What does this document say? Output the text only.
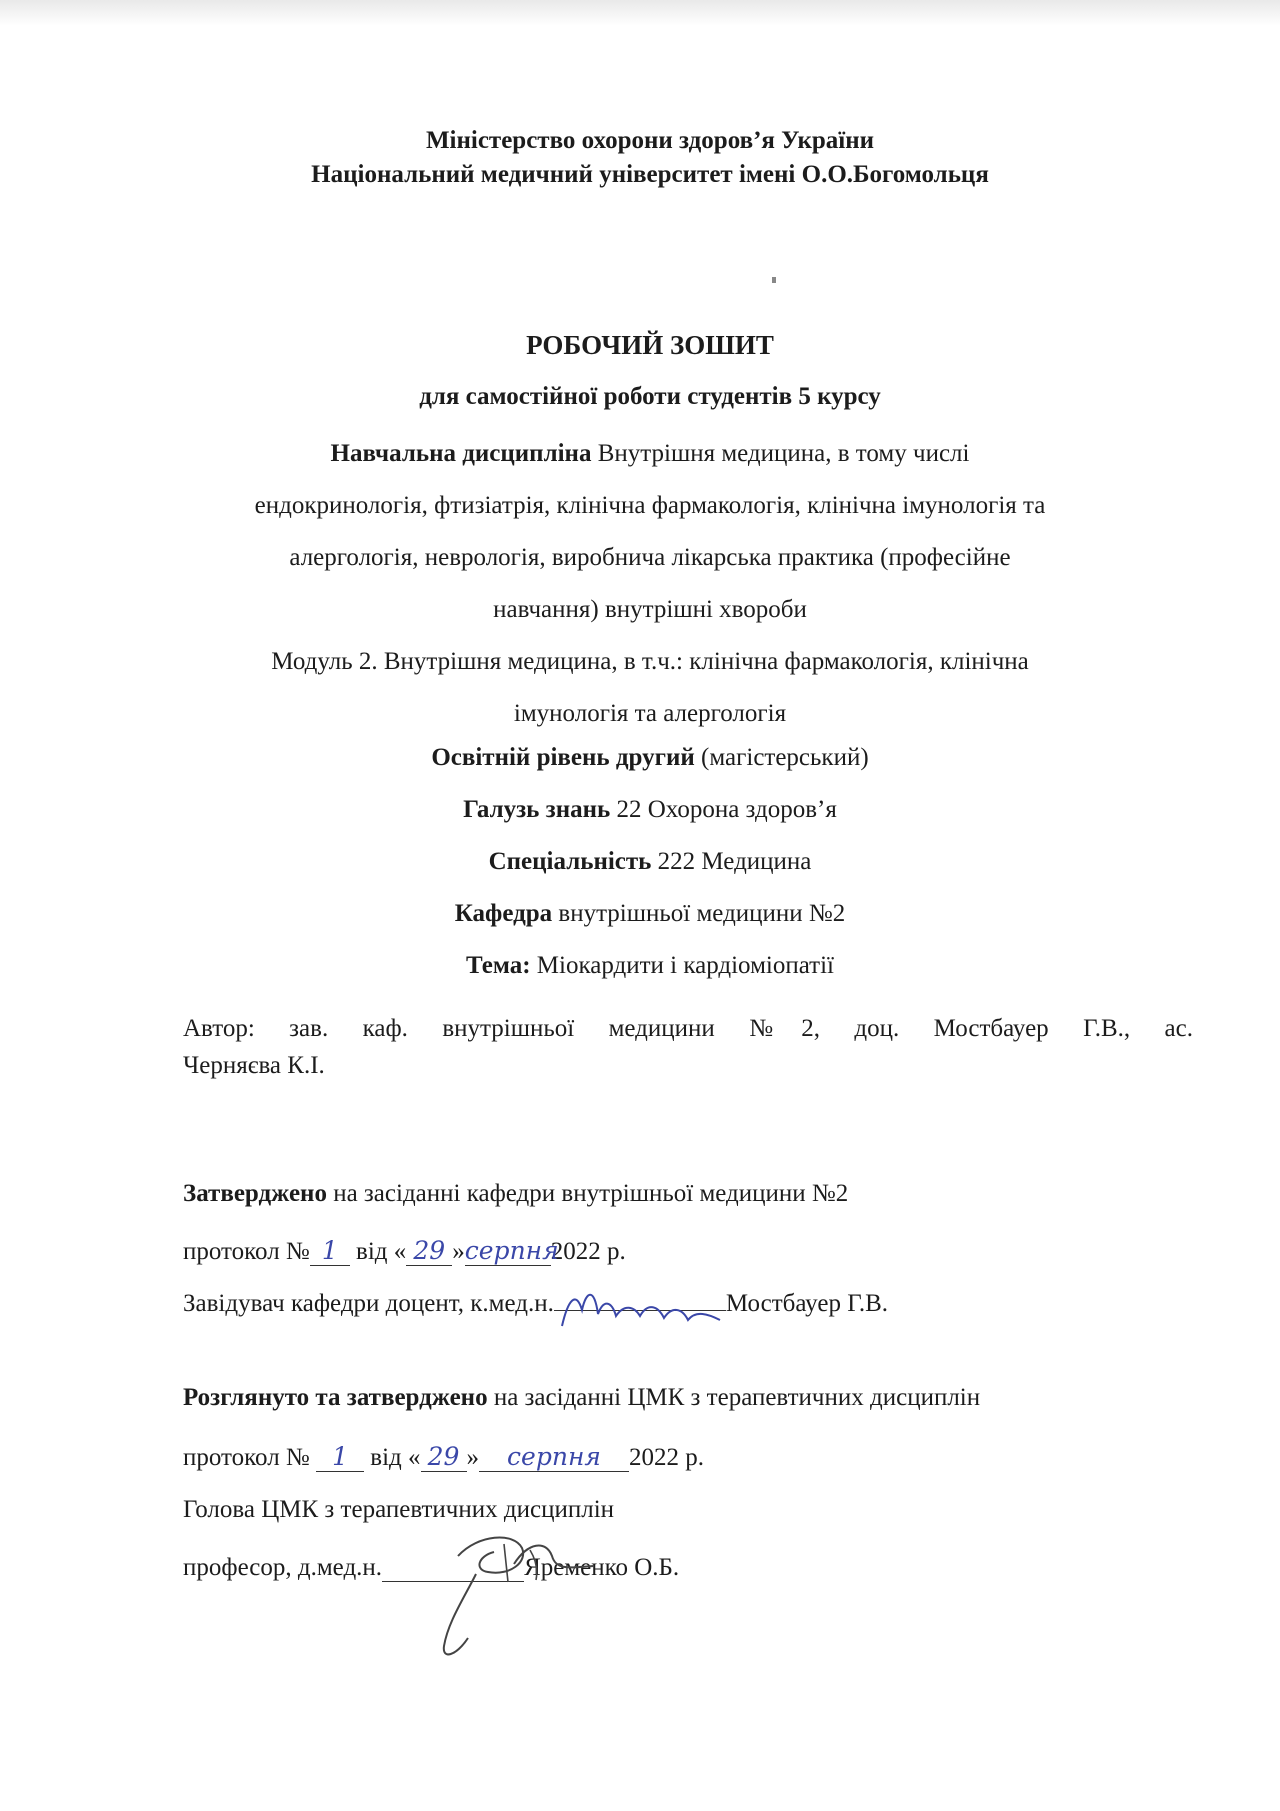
Міністерство охорони здоров’я України
Національний медичний університет імені О.О.Богомольця
РОБОЧИЙ ЗОШИТ
для самостійної роботи студентів 5 курсу
Навчальна дисципліна Внутрішня медицина, в тому числі
ендокринологія, фтизіатрія, клінічна фармакологія, клінічна імунологія та
алергологія, неврологія, виробнича лікарська практика (професійне
навчання) внутрішні хвороби
Модуль 2. Внутрішня медицина, в т.ч.: клінічна фармакологія, клінічна
імунологія та алергологія
Освітній рівень другий (магістерський)
Галузь знань 22 Охорона здоров’я
Спеціальність 222 Медицина
Кафедра внутрішньої медицини №2
Тема: Міокардити і кардіоміопатії
Автор: зав. каф. внутрішньої медицини №2, доц. Мостбауер Г.В., ас.
Черняєва К.І.
Затверджено на засіданні кафедри внутрішньої медицини №2
протокол № 1 від « 29 »серпня2022 р.
Завідувач кафедри доцент, к.мед.н.	Мостбауер Г.В.
Розглянуто та затверджено на засіданні ЦМК з терапевтичних дисциплін
протокол № 1 від « 29 » серпня 2022 р.
Голова ЦМК з терапевтичних дисциплін
професор, д.мед.н.	Яременко О.Б.
